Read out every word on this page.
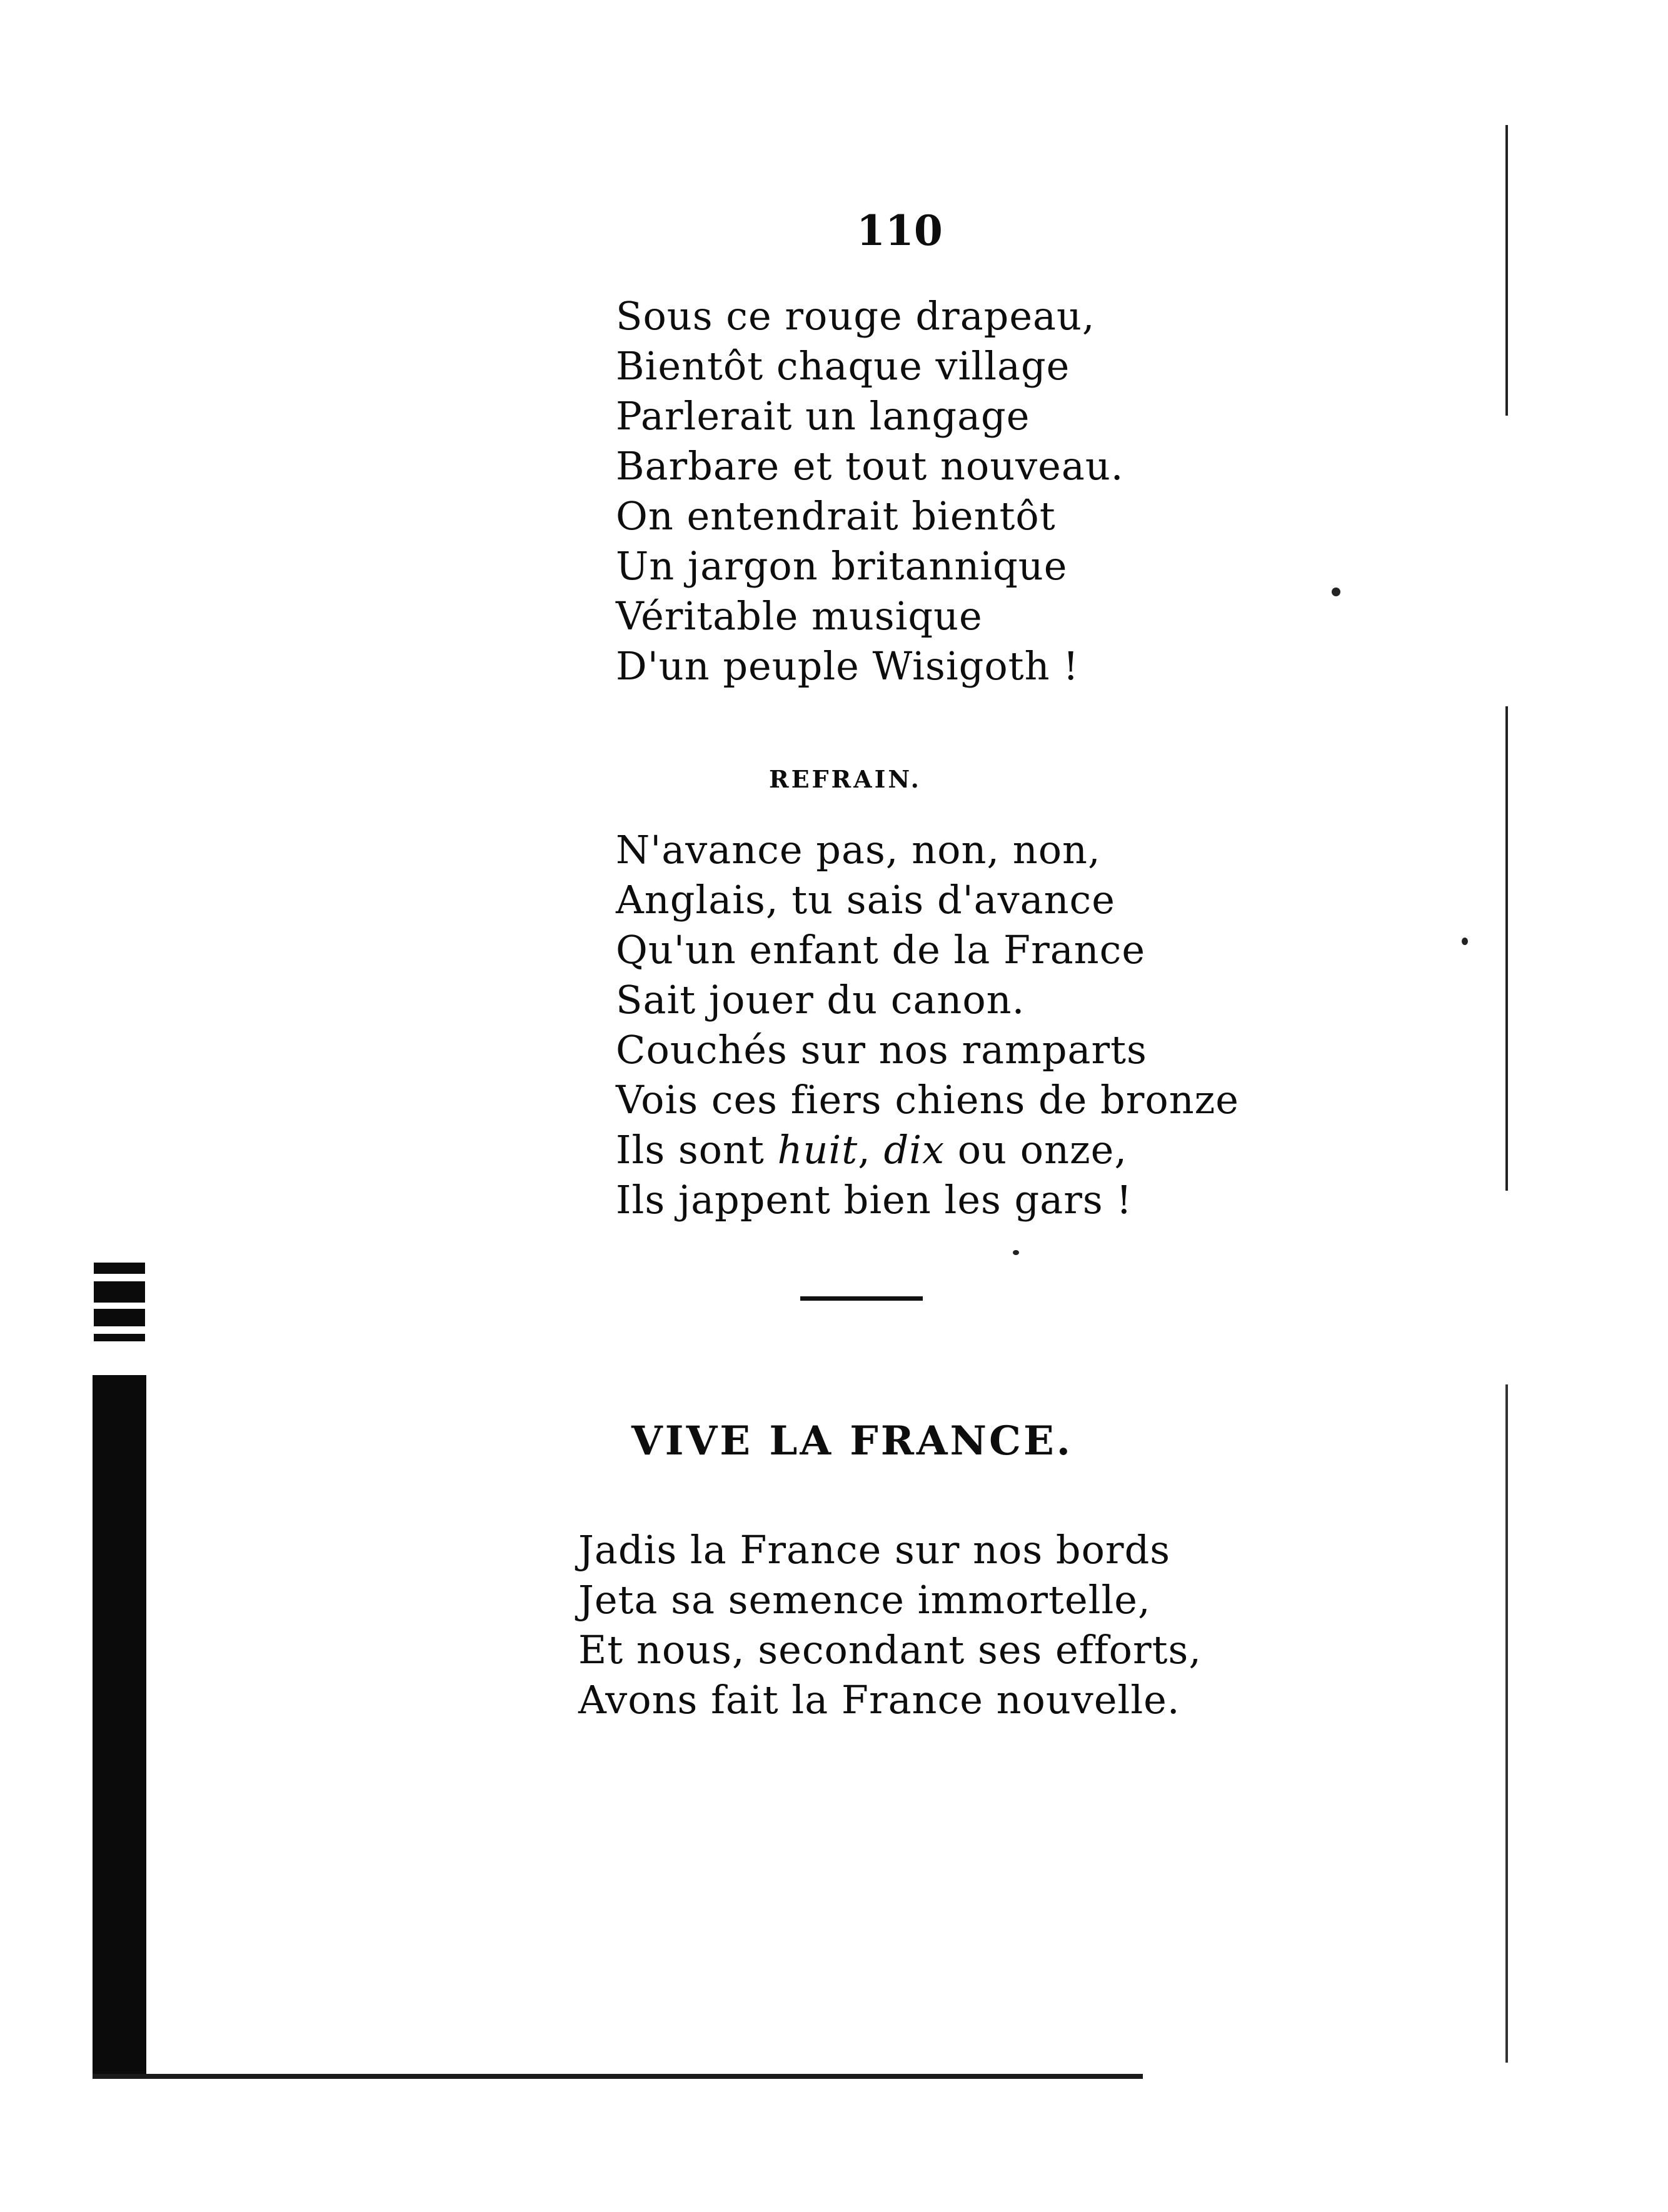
110
Sous ce rouge drapeau,
Bientôt chaque village
Parlerait un langage
Barbare et tout nouveau.
On entendrait bientôt
Un jargon britannique
Véritable musique
D'un peuple Wisigoth !

REFRAIN.

N'avance pas, non, non,
Anglais, tu sais d'avance
Qu'un enfant de la France
Sait jouer du canon.
Couchés sur nos ramparts
Vois ces fiers chiens de bronze
Ils sont huit, dix ou onze,
Ils jappent bien les gars !
VIVE LA FRANCE.
Jadis la France sur nos bords
Jeta sa semence immortelle,
Et nous, secondant ses efforts,
Avons fait la France nouvelle.
